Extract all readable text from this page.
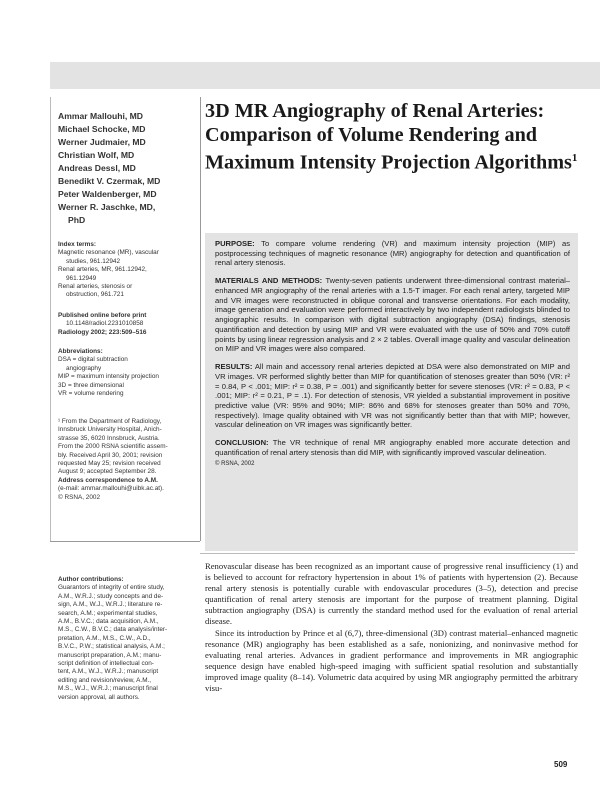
Ammar Mallouhi, MD
Michael Schocke, MD
Werner Judmaier, MD
Christian Wolf, MD
Andreas Dessl, MD
Benedikt V. Czermak, MD
Peter Waldenberger, MD
Werner R. Jaschke, MD,
PhD
Index terms:
Magnetic resonance (MR), vascular
studies, 961.12942
Renal arteries, MR, 961.12942,
961.12949
Renal arteries, stenosis or
obstruction, 961.721
Published online before print
10.1148/radiol.2231010858
Radiology 2002; 223:509–516
Abbreviations:
DSA = digital subtraction
angiography
MIP = maximum intensity projection
3D = three dimensional
VR = volume rendering
¹ From the Department of Radiology,
Innsbruck University Hospital, Anich-
strasse 35, 6020 Innsbruck, Austria.
From the 2000 RSNA scientific assem-
bly. Received April 30, 2001; revision
requested May 25; revision received
August 9; accepted September 28.
Address correspondence to A.M.
(e-mail: ammar.mallouhi@uibk.ac.at).
© RSNA, 2002
Author contributions:
Guarantors of integrity of entire study,
A.M., W.R.J.; study concepts and de-
sign, A.M., W.J., W.R.J.; literature re-
search, A.M.; experimental studies,
A.M., B.V.C.; data acquisition, A.M.,
M.S., C.W., B.V.C.; data analysis/inter-
pretation, A.M., M.S., C.W., A.D.,
B.V.C., P.W.; statistical analysis, A.M.;
manuscript preparation, A.M.; manu-
script definition of intellectual con-
tent, A.M., W.J., W.R.J.; manuscript
editing and revision/review, A.M.,
M.S., W.J., W.R.J.; manuscript final
version approval, all authors.
3D MR Angiography of Renal Arteries: Comparison of Volume Rendering and Maximum Intensity Projection Algorithms$^1$

PURPOSE: To compare volume rendering (VR) and maximum intensity projection (MIP) as postprocessing techniques of magnetic resonance (MR) angiography for detection and quantification of renal artery stenosis.

MATERIALS AND METHODS: Twenty-seven patients underwent three-dimensional contrast material–enhanced MR angiography of the renal arteries with a 1.5-T imager. For each renal artery, targeted MIP and VR images were reconstructed in oblique coronal and transverse orientations. For each modality, image generation and evaluation were performed interactively by two independent radiologists blinded to angiographic results. In comparison with digital subtraction angiography (DSA) findings, stenosis quantification and detection by using MIP and VR were evaluated with the use of 50% and 70% cutoff points by using linear regression analysis and 2 × 2 tables. Overall image quality and vascular delineation on MIP and VR images were also compared.

RESULTS: All main and accessory renal arteries depicted at DSA were also demonstrated on MIP and VR images. VR performed slightly better than MIP for quantification of stenoses greater than 50% (VR: r² = 0.84, P < .001; MIP: r² = 0.38, P = .001) and significantly better for severe stenoses (VR: r² = 0.83, P < .001; MIP: r² = 0.21, P = .1). For detection of stenosis, VR yielded a substantial improvement in positive predictive value (VR: 95% and 90%; MIP: 86% and 68% for stenoses greater than 50% and 70%, respectively). Image quality obtained with VR was not significantly better than that with MIP; however, vascular delineation on VR images was significantly better.

CONCLUSION: The VR technique of renal MR angiography enabled more accurate detection and quantification of renal artery stenosis than did MIP, with significantly improved vascular delineation.

© RSNA, 2002

Renovascular disease has been recognized as an important cause of progressive renal insufficiency (1) and is believed to account for refractory hypertension in about 1% of patients with hypertension (2). Because renal artery stenosis is potentially curable with endovascular procedures (3–5), detection and precise quantification of renal artery stenosis are important for the purpose of treatment planning. Digital subtraction angiography (DSA) is currently the standard method used for the evaluation of renal arterial disease.

Since its introduction by Prince et al (6,7), three-dimensional (3D) contrast material–enhanced magnetic resonance (MR) angiography has been established as a safe, nonionizing, and noninvasive method for evaluating renal arteries. Advances in gradient performance and improvements in MR angiographic sequence design have enabled high-speed imaging with sufficient spatial resolution and substantially improved image quality (8–14). Volumetric data acquired by using MR angiography permitted the arbitrary visu-

509
